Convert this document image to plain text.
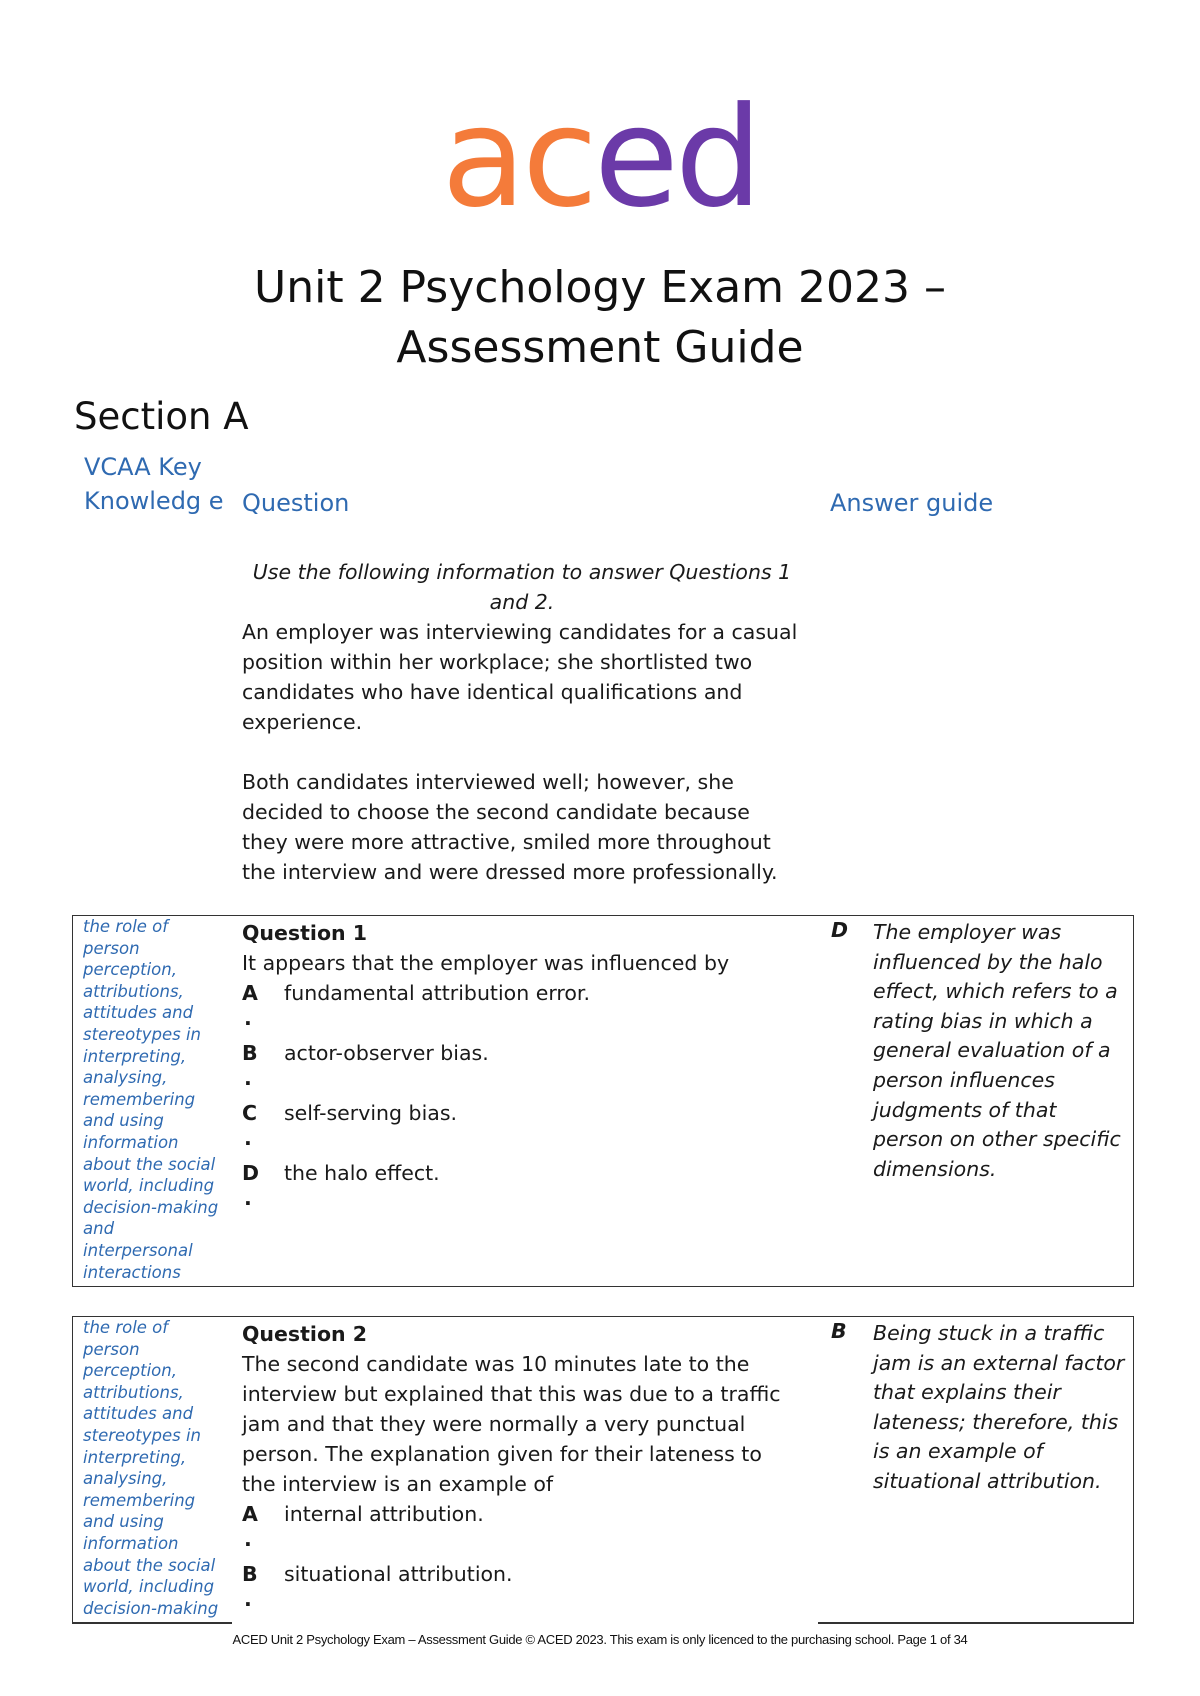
aced
Unit 2 Psychology Exam 2023 –
Assessment Guide
Section A
VCAA Key Knowledg e Question	Answer guide
Use the following information to answer Questions 1 and 2.
An employer was interviewing candidates for a casual position within her workplace; she shortlisted two candidates who have identical qualifications and experience.
Both candidates interviewed well; however, she decided to choose the second candidate because they were more attractive, smiled more throughout the interview and were dressed more professionally.
the role of person perception, attributions, attitudes and stereotypes in interpreting, analysing, remembering and using information about the social world, including decision-making and interpersonal interactions
Question 1
It appears that the employer was influenced by
A	fundamental attribution error.
.
B	actor-observer bias.
.
C	self-serving bias.
.
D	the halo effect.
.
D The employer was influenced by the halo effect, which refers to a rating bias in which a general evaluation of a person influences judgments of that person on other specific dimensions.
the role of person perception, attributions, attitudes and stereotypes in interpreting, analysing, remembering and using information about the social world, including decision-making
Question 2
The second candidate was 10 minutes late to the interview but explained that this was due to a traffic jam and that they were normally a very punctual person. The explanation given for their lateness to the interview is an example of
A	internal attribution.
.
B	situational attribution.
.
B Being stuck in a traffic jam is an external factor that explains their lateness; therefore, this is an example of situational attribution.
ACED Unit 2 Psychology Exam – Assessment Guide © ACED 2023. This exam is only licenced to the purchasing school. Page 1 of 34
